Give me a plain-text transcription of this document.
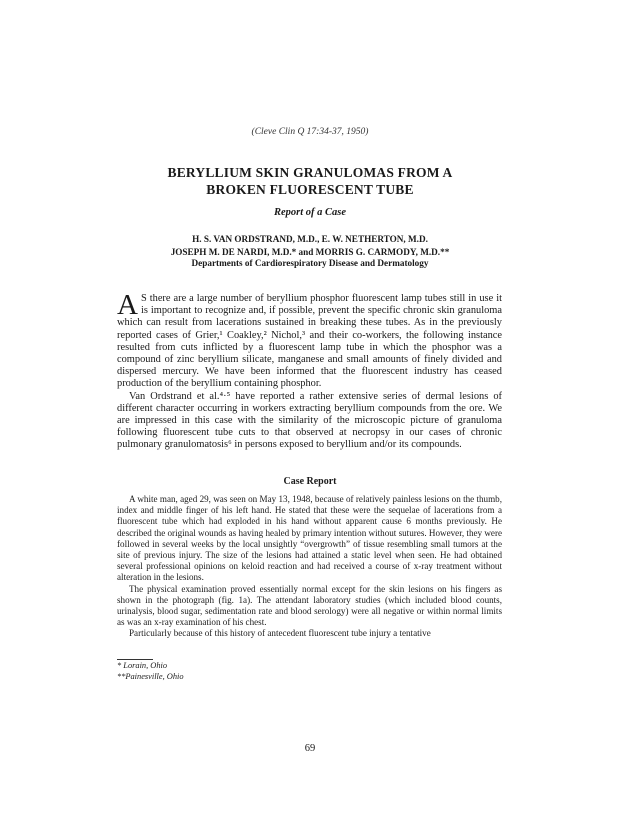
(Cleve Clin Q 17:34-37, 1950)
BERYLLIUM SKIN GRANULOMAS FROM A
BROKEN FLUORESCENT TUBE
Report of a Case
H. S. VAN ORDSTRAND, M.D., E. W. NETHERTON, M.D.
JOSEPH M. DE NARDI, M.D.* and MORRIS G. CARMODY, M.D.**
Departments of Cardiorespiratory Disease and Dermatology

A S there are a large number of beryllium phosphor fluorescent lamp tubes still in use it is important to recognize and, if possible, prevent the specific chronic skin granuloma which can result from lacerations sustained in breaking these tubes. As in the previously reported cases of Grier,¹ Coakley,² Nichol,³ and their co-workers, the following instance resulted from cuts inflicted by a fluorescent lamp tube in which the phosphor was a compound of zinc beryllium silicate, manganese and small amounts of finely divided and dispersed mercury. We have been informed that the fluorescent industry has ceased production of the beryllium containing phosphor.

Van Ordstrand et al.⁴·⁵ have reported a rather extensive series of dermal lesions of different character occurring in workers extracting beryllium compounds from the ore. We are impressed in this case with the similarity of the microscopic picture of granuloma following fluorescent tube cuts to that observed at necropsy in our cases of chronic pulmonary granulomatosis⁶ in persons exposed to beryllium and/or its compounds.

Case Report

A white man, aged 29, was seen on May 13, 1948, because of relatively painless lesions on the thumb, index and middle finger of his left hand. He stated that these were the sequelae of lacerations from a fluorescent tube which had exploded in his hand without apparent cause 6 months previously. He described the original wounds as having healed by primary intention without sutures. However, they were followed in several weeks by the local unsightly “overgrowth” of tissue resembling small tumors at the site of previous injury. The size of the lesions had attained a static level when seen. He had obtained several professional opinions on keloid reaction and had received a course of x-ray treatment without alteration in the lesions.

The physical examination proved essentially normal except for the skin lesions on his fingers as shown in the photograph (fig. 1a). The attendant laboratory studies (which included blood counts, urinalysis, blood sugar, sedimentation rate and blood serology) were all negative or within normal limits as was an x-ray examination of his chest.

Particularly because of this history of antecedent fluorescent tube injury a tentative

* Lorain, Ohio
**Painesville, Ohio
69
